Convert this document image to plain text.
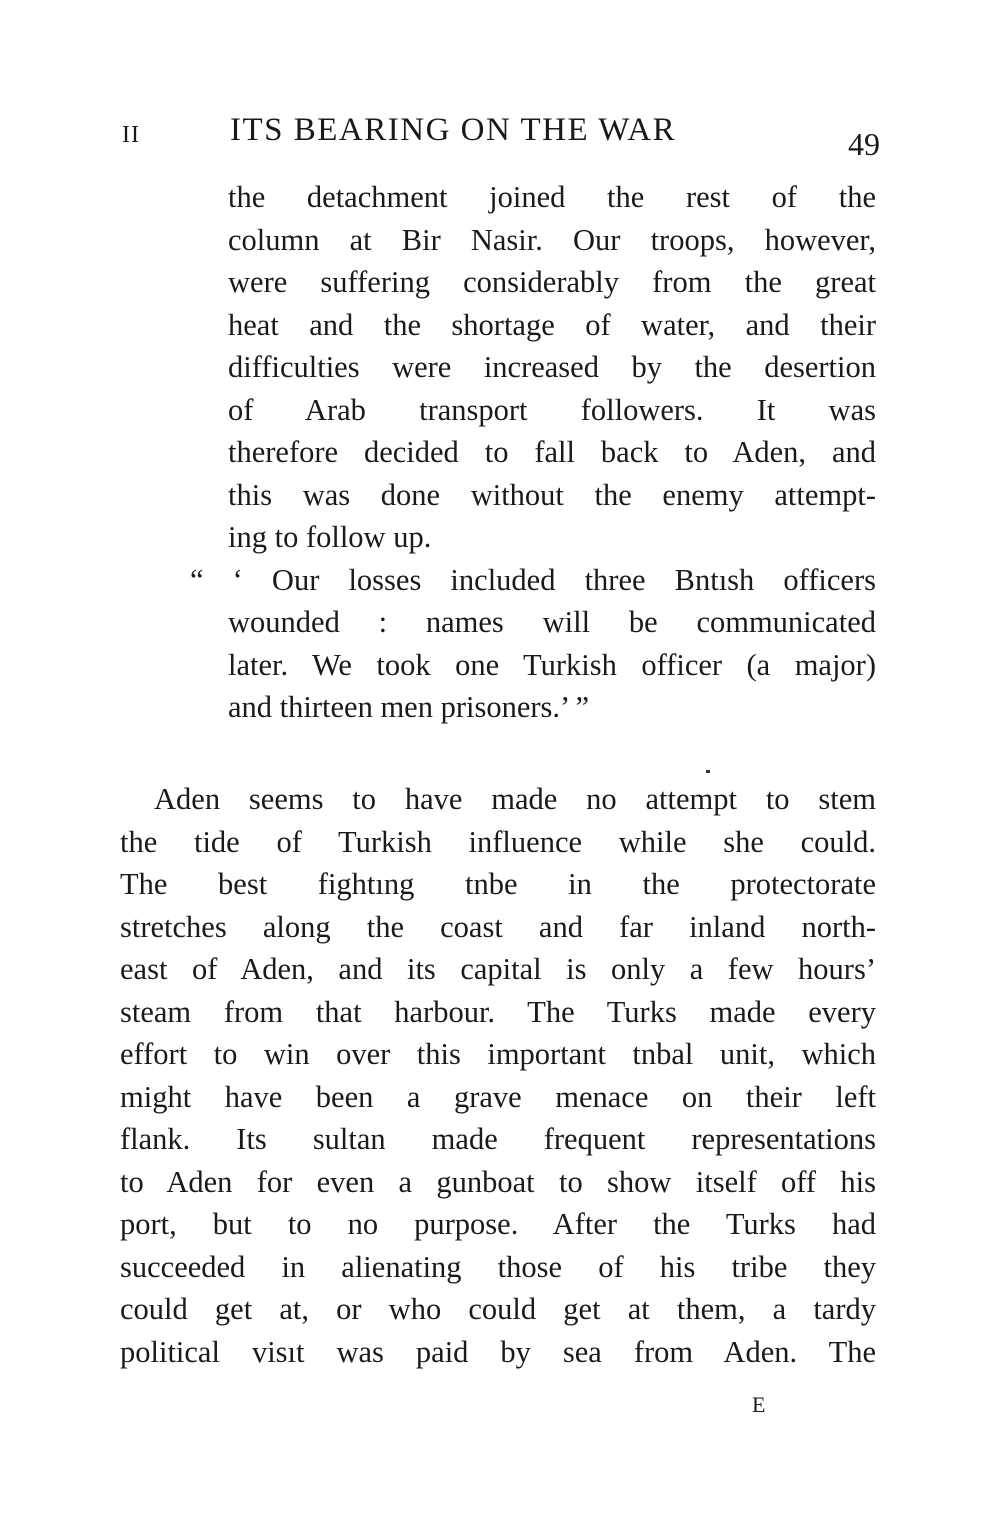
II	ITS BEARING ON THE WAR	49
the detachment joined the rest of the
column at Bir Nasir. Our troops, however,
were suffering considerably from the great
heat and the shortage of water, and their
difficulties were increased by the desertion
of Arab transport followers. It was
therefore decided to fall back to Aden, and
this was done without the enemy attempt-
ing to follow up.
“ ‘ Our losses included three Bntısh officers
wounded : names will be communicated
later. We took one Turkish officer (a major)
and thirteen men prisoners.’ ”
Aden seems to have made no attempt to stem
the tide of Turkish influence while she could.
The best fightıng tnbe in the protectorate
stretches along the coast and far inland north-
east of Aden, and its capital is only a few hours’
steam from that harbour. The Turks made every
effort to win over this important tnbal unit, which
might have been a grave menace on their left
flank. Its sultan made frequent representations
to Aden for even a gunboat to show itself off his
port, but to no purpose. After the Turks had
succeeded in alienating those of his tribe they
could get at, or who could get at them, a tardy
political visıt was paid by sea from Aden. The
E
